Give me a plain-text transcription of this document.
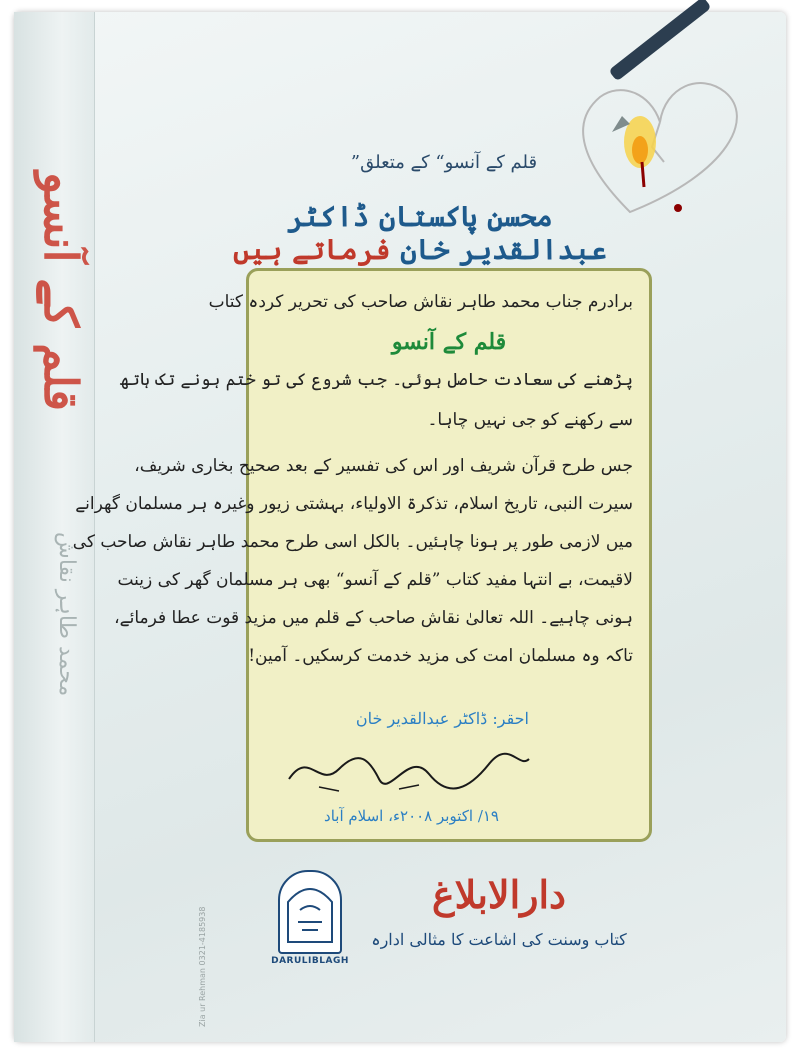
قلم کے آنسو
محمد طاہر نقاش
Zia ur Rehman 0321-4185938
”قلم کے آنسو“ کے متعلق
محسنِ پاکستان ڈاکٹر عبدالقدیر خان فرماتے ہیں
برادرم جناب محمد طاہر نقاش صاحب کی تحریر کردہ کتاب
قلم کے آنسو
پڑھنے کی سعادت حاصل ہوئی۔ جب شروع کی تو ختم ہونے تک ہاتھ
سے رکھنے کو جی نہیں چاہا۔
جس طرح قرآن شریف اور اس کی تفسیر کے بعد صحیح بخاری شریف،
سیرت النبی، تاریخ اسلام، تذکرۃ الاولیاء، بہشتی زیور وغیرہ ہر مسلمان گھرانے
میں لازمی طور پر ہونا چاہئیں۔ بالکل اسی طرح محمد طاہر نقاش صاحب کی
لاقیمت، بے انتہا مفید کتاب ”قلم کے آنسو“ بھی ہر مسلمان گھر کی زینت
ہونی چاہیے۔ اللہ تعالیٰ نقاش صاحب کے قلم میں مزید قوت عطا فرمائے،
تاکہ وہ مسلمان امت کی مزید خدمت کرسکیں۔ آمین!
احقر: ڈاکٹر عبدالقدیر خان
۱۹/ اکتوبر ۲۰۰۸ء، اسلام آباد
DARULIBLAGH
دارالابلاغ
کتاب وسنت کی اشاعت کا مثالی ادارہ
